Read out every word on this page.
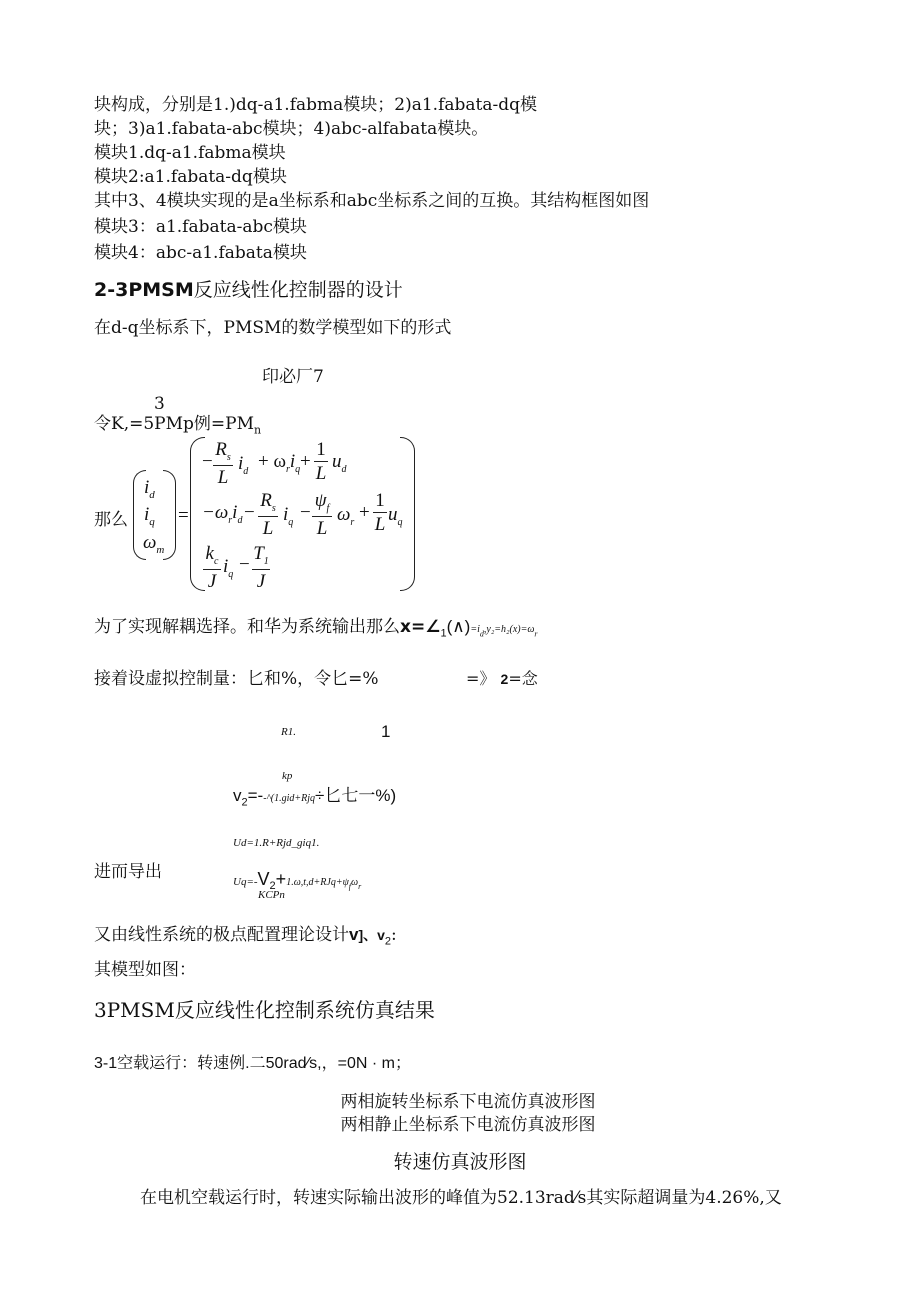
块构成，分别是1.)dq-a1.fabma模块；2)a1.fabata-dq模
块；3)a1.fabata-abc模块；4)abc-alfabata模块。
模块1.dq-a1.fabma模块
模块2:a1.fabata-dq模块
其中3、4模块实现的是a坐标系和abc坐标系之间的互换。其结构框图如图
模块3：a1.fabata-abc模块
模块4：abc-a1.fabata模块
2-3PMSM反应线性化控制器的设计
在d-q坐标系下，PMSM的数学模型如下的形式
印必厂7
3
令K,=5PMp例$=PM_n$
那么
$i_d$
$i_q$
$\omega_m$
=
−
$R_s$
L
$i_d + \omega_ri_q$ +
1
L
$u_d$
$-\omega_ri_d$ −
$R_s$
L
$i_q$ −
$\psi_f$
L
$\omega_r$ +
1
L $u_q$
$k_c$
J
$i_q$ −
$T_1$
J
为了实现解耦选择。和华为系统输出那么$x=\angle_1(\wedge)=i_d,y_2=h_2(x)=\omega_r$
接着设虚拟控制量：匕和%，令匕=%	=》 2=念
R1.	1
kp
$v_2=--\^{}(1.gid+Rjq\div$匕七一%)
Ud=1.R+Rjd_giq1.
进而导出	$Uq=-V_2+1.\omega,t,d+RJq+\psi_f\omega_r$
KCPn
又由线性系统的极点配置理论设计v]、$v_2$:
其模型如图：
3PMSM反应线性化控制系统仿真结果
3-1空载运行：转速例.二50rad⁄s,，=0N · m；
两相旋转坐标系下电流仿真波形图
两相静止坐标系下电流仿真波形图
转速仿真波形图
在电机空载运行时，转速实际输出波形的峰值为52.13rad⁄s其实际超调量为4.26%,又
